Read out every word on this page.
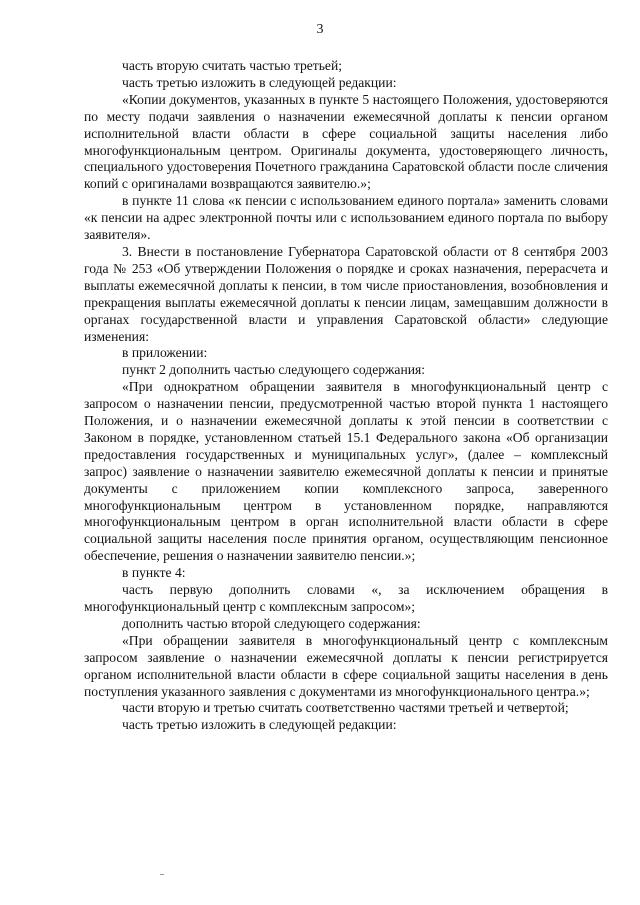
3

часть вторую считать частью третьей;

часть третью изложить в следующей редакции:

«Копии документов, указанных в пункте 5 настоящего Положения, удостоверяются по месту подачи заявления о назначении ежемесячной доплаты к пенсии органом исполнительной власти области в сфере социальной защиты населения либо многофункциональным центром. Оригиналы документа, удостоверяющего личность, специального удостоверения Почетного гражданина Саратовской области после сличения копий с оригиналами возвращаются заявителю.»;

в пункте 11 слова «к пенсии с использованием единого портала» заменить словами «к пенсии на адрес электронной почты или с использованием единого портала по выбору заявителя».

3. Внести в постановление Губернатора Саратовской области от 8 сентября 2003 года № 253 «Об утверждении Положения о порядке и сроках назначения, перерасчета и выплаты ежемесячной доплаты к пенсии, в том числе приостановления, возобновления и прекращения выплаты ежемесячной доплаты к пенсии лицам, замещавшим должности в органах государственной власти и управления Саратовской области» следующие изменения:

в приложении:

пункт 2 дополнить частью следующего содержания:

«При однократном обращении заявителя в многофункциональный центр с запросом о назначении пенсии, предусмотренной частью второй пункта 1 настоящего Положения, и о назначении ежемесячной доплаты к этой пенсии в соответствии с Законом в порядке, установленном статьей 15.1 Федерального закона «Об организации предоставления государственных и муниципальных услуг», (далее – комплексный запрос) заявление о назначении заявителю ежемесячной доплаты к пенсии и принятые документы с приложением копии комплексного запроса, заверенного многофункциональным центром в установленном порядке, направляются многофункциональным центром в орган исполнительной власти области в сфере социальной защиты населения после принятия органом, осуществляющим пенсионное обеспечение, решения о назначении заявителю пенсии.»;

в пункте 4:

часть первую дополнить словами «, за исключением обращения в многофункциональный центр с комплексным запросом»;

дополнить частью второй следующего содержания:

«При обращении заявителя в многофункциональный центр с комплексным запросом заявление о назначении ежемесячной доплаты к пенсии регистрируется органом исполнительной власти области в сфере социальной защиты населения в день поступления указанного заявления с документами из многофункционального центра.»;

части вторую и третью считать соответственно частями третьей и четвертой;

часть третью изложить в следующей редакции:
